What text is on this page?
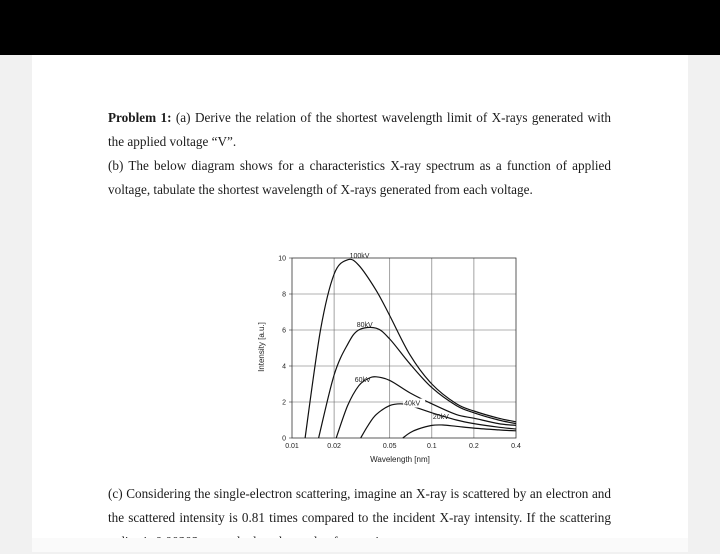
Problem 1: (a) Derive the relation of the shortest wavelength limit of X-rays generated with the applied voltage “V”.
(b) The below diagram shows for a characteristics X-ray spectrum as a function of applied voltage, tabulate the shortest wavelength of X-rays generated from each voltage.
0.01	0.02	0.05	0.1	0.2	0.4
0
2
4
6
8
10	100kV
80kV
60kV
40kV
20kV
Wavelength [nm]
Intensity [a.u.]
(c) Considering the single-electron scattering, imagine an X-ray is scattered by an electron and the scattered intensity is 0.81 times compared to the incident X-ray intensity. If the scattering
